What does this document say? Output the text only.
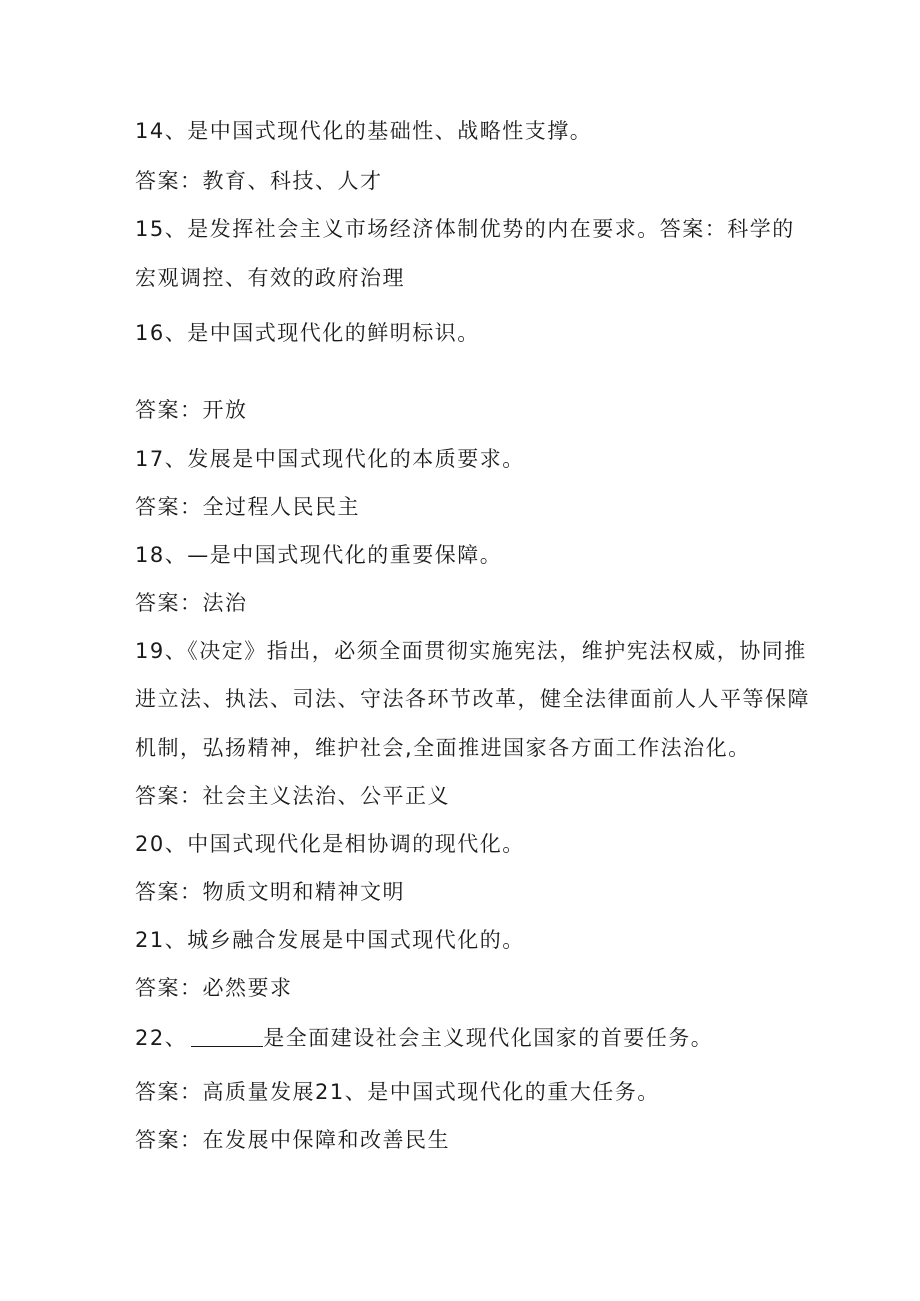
14、是中国式现代化的基础性、战略性支撑。
答案：教育、科技、人才
15、是发挥社会主义市场经济体制优势的内在要求。答案：科学的
宏观调控、有效的政府治理
16、是中国式现代化的鲜明标识。
答案：开放
17、发展是中国式现代化的本质要求。
答案：全过程人民民主
18、—是中国式现代化的重要保障。
答案：法治
19、《决定》指出，必须全面贯彻实施宪法，维护宪法权威，协同推
进立法、执法、司法、守法各环节改革，健全法律面前人人平等保障
机制，弘扬精神，维护社会,全面推进国家各方面工作法治化。
答案：社会主义法治、公平正义
20、中国式现代化是相协调的现代化。
答案：物质文明和精神文明
21、城乡融合发展是中国式现代化的。
答案：必然要求
22、	是全面建设社会主义现代化国家的首要任务。
答案：高质量发展21、是中国式现代化的重大任务。
答案：在发展中保障和改善民生
